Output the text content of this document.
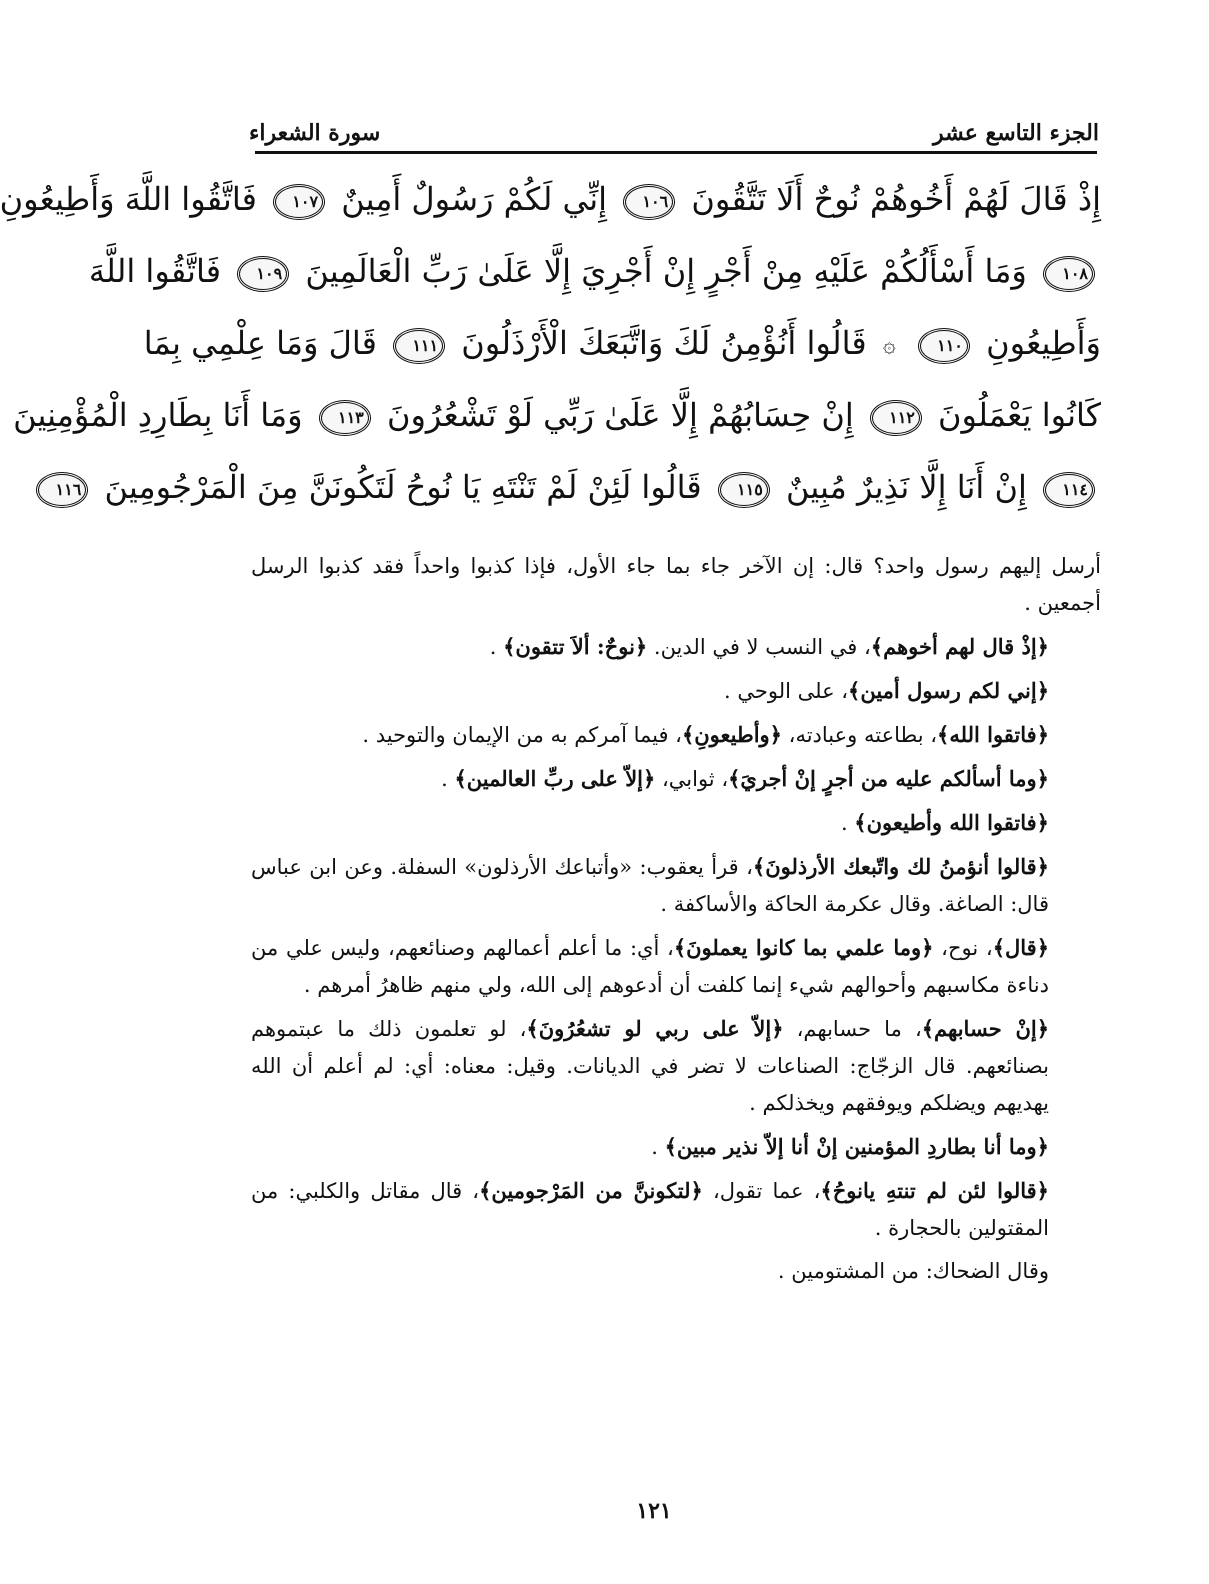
الجزء التاسع عشر
سورة الشعراء
إِذْ قَالَ لَهُمْ أَخُوهُمْ نُوحٌ أَلَا تَتَّقُونَ ١٠٦ إِنِّي لَكُمْ رَسُولٌ أَمِينٌ ١٠٧ فَاتَّقُوا اللَّهَ وَأَطِيعُونِ
١٠٨ وَمَا أَسْأَلُكُمْ عَلَيْهِ مِنْ أَجْرٍ إِنْ أَجْرِيَ إِلَّا عَلَىٰ رَبِّ الْعَالَمِينَ ١٠٩ فَاتَّقُوا اللَّهَ
وَأَطِيعُونِ ١١٠ ۞ قَالُوا أَنُؤْمِنُ لَكَ وَاتَّبَعَكَ الْأَرْذَلُونَ ١١١ قَالَ وَمَا عِلْمِي بِمَا
كَانُوا يَعْمَلُونَ ١١٢ إِنْ حِسَابُهُمْ إِلَّا عَلَىٰ رَبِّي لَوْ تَشْعُرُونَ ١١٣ وَمَا أَنَا بِطَارِدِ الْمُؤْمِنِينَ
١١٤ إِنْ أَنَا إِلَّا نَذِيرٌ مُبِينٌ ١١٥ قَالُوا لَئِنْ لَمْ تَنْتَهِ يَا نُوحُ لَتَكُونَنَّ مِنَ الْمَرْجُومِينَ ١١٦

أرسل إليهم رسول واحد؟ قال: إن الآخر جاء بما جاء الأول، فإذا كذبوا واحداً فقد كذبوا الرسل أجمعين .

﴿إذْ قال لهم أخوهم﴾، في النسب لا في الدين. ﴿نوحٌ: ألاَ تتقون﴾ .

﴿إني لكم رسول أمين﴾، على الوحي .

﴿فاتقوا الله﴾، بطاعته وعبادته، ﴿وأطيعونِ﴾، فيما آمركم به من الإيمان والتوحيد .

﴿وما أسألكم عليه من أجرٍ إنْ أجريَ﴾، ثوابي، ﴿إلاّ على ربِّ العالمين﴾ .

﴿فاتقوا الله وأطيعون﴾ .

﴿قالوا أنؤمنُ لك واتّبعك الأرذلونَ﴾، قرأ يعقوب: «وأتباعك الأرذلون» السفلة. وعن ابن عباس قال: الصاغة. وقال عكرمة الحاكة والأساكفة .

﴿قال﴾، نوح، ﴿وما علمي بما كانوا يعملونَ﴾، أي: ما أعلم أعمالهم وصنائعهم، وليس علي من دناءة مكاسبهم وأحوالهم شيء إنما كلفت أن أدعوهم إلى الله، ولي منهم ظاهرُ أمرهم .

﴿إنْ حسابهم﴾، ما حسابهم، ﴿إلاّ على ربي لو تشعُرُونَ﴾، لو تعلمون ذلك ما عبتموهم بصنائعهم. قال الزجّاج: الصناعات لا تضر في الديانات. وقيل: معناه: أي: لم أعلم أن الله يهديهم ويضلكم ويوفقهم ويخذلكم .

﴿وما أنا بطاردِ المؤمنين إنْ أنا إلاّ نذير مبين﴾ .

﴿قالوا لئن لم تنتهِ يانوحُ﴾، عما تقول، ﴿لتكوننَّ من المَرْجومين﴾، قال مقاتل والكلبي: من المقتولين بالحجارة .

وقال الضحاك: من المشتومين .

١٢١
